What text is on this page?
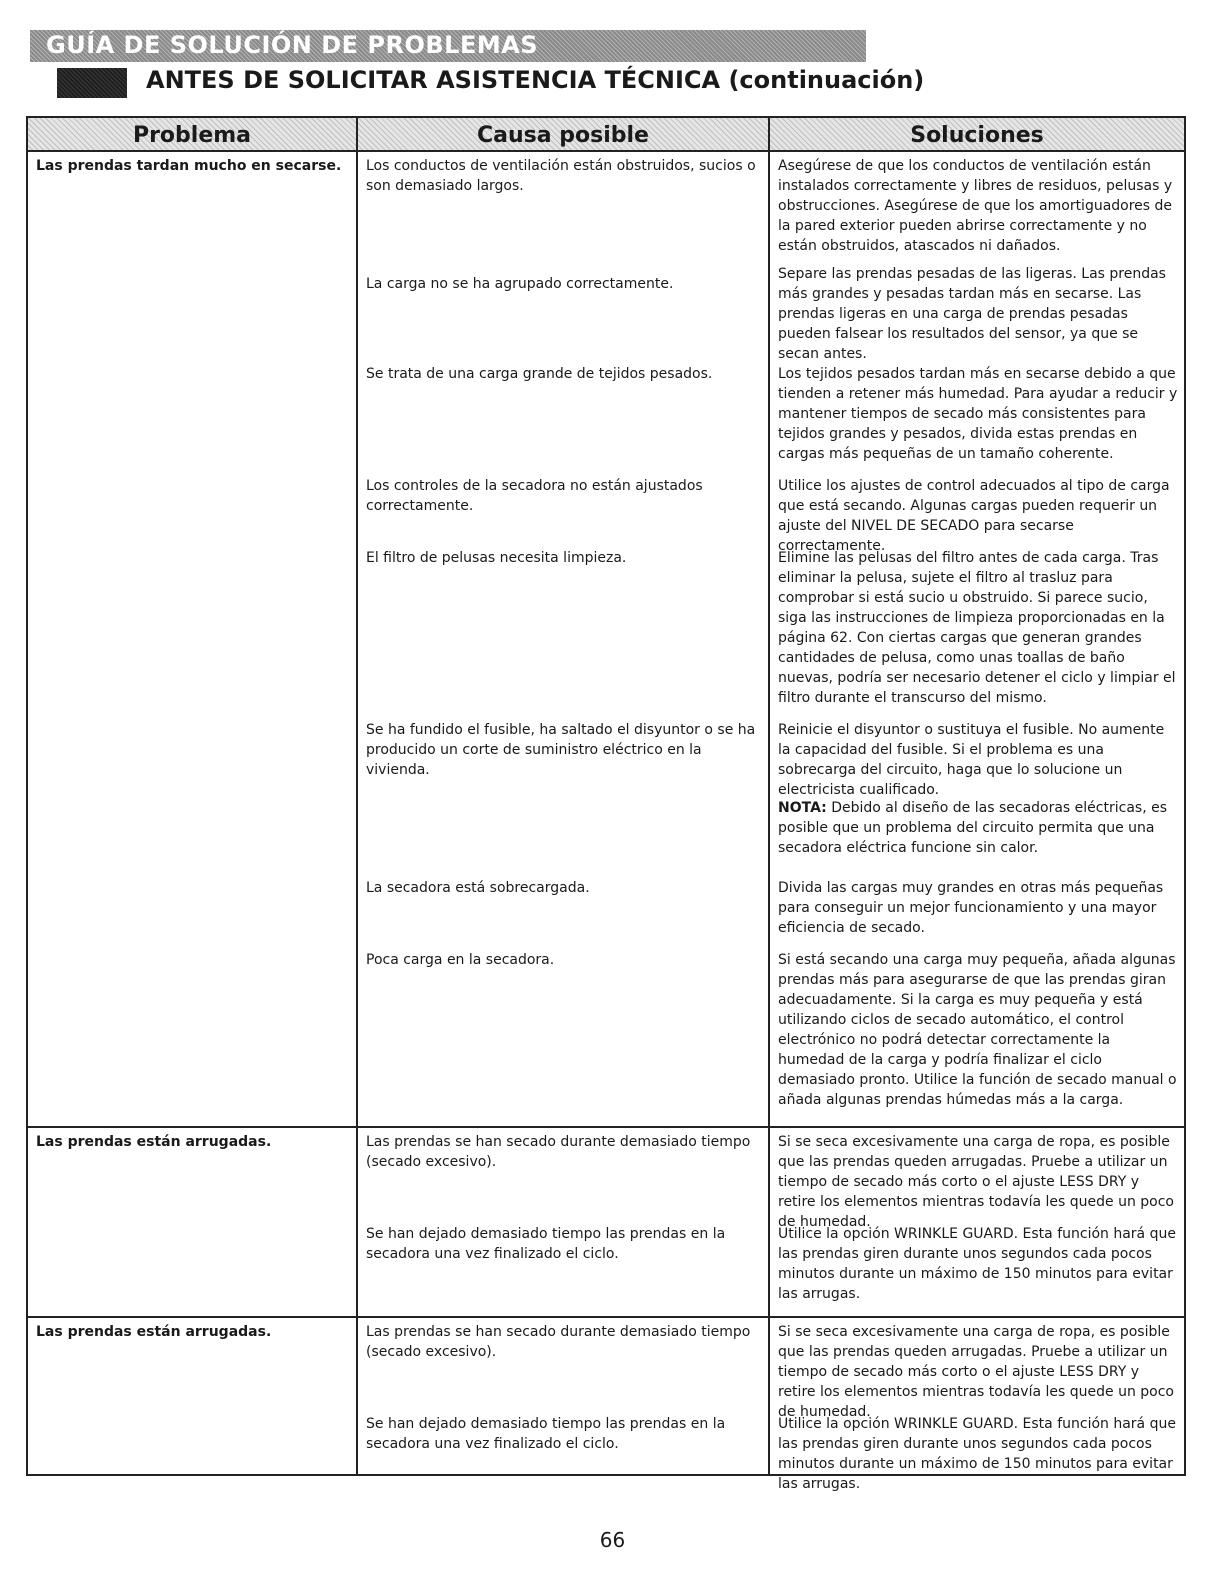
GUÍA DE SOLUCIÓN DE PROBLEMAS
ANTES DE SOLICITAR ASISTENCIA TÉCNICA (continuación)
Problema	Causa posible	Soluciones
Las prendas tardan mucho en secarse.
Las prendas están arrugadas.
Las prendas están arrugadas.
Los conductos de ventilación están obstruidos, sucios o son demasiado largos.
La carga no se ha agrupado correctamente.
Se trata de una carga grande de tejidos pesados.
Los controles de la secadora no están ajustados correctamente.
El filtro de pelusas necesita limpieza.
Se ha fundido el fusible, ha saltado el disyuntor o se ha producido un corte de suministro eléctrico en la vivienda.
La secadora está sobrecargada.
Poca carga en la secadora.
Las prendas se han secado durante demasiado tiempo (secado excesivo).
Se han dejado demasiado tiempo las prendas en la secadora una vez finalizado el ciclo.
Las prendas se han secado durante demasiado tiempo (secado excesivo).
Se han dejado demasiado tiempo las prendas en la secadora una vez finalizado el ciclo.
Asegúrese de que los conductos de ventilación están instalados correctamente y libres de residuos, pelusas y obstrucciones. Asegúrese de que los amortiguadores de la pared exterior pueden abrirse correctamente y no están obstruidos, atascados ni dañados.
Separe las prendas pesadas de las ligeras. Las prendas más grandes y pesadas tardan más en secarse. Las prendas ligeras en una carga de prendas pesadas pueden falsear los resultados del sensor, ya que se secan antes.
Los tejidos pesados tardan más en secarse debido a que tienden a retener más humedad. Para ayudar a reducir y mantener tiempos de secado más consistentes para tejidos grandes y pesados, divida estas prendas en cargas más pequeñas de un tamaño coherente.
Utilice los ajustes de control adecuados al tipo de carga que está secando. Algunas cargas pueden requerir un ajuste del NIVEL DE SECADO para secarse correctamente.
Elimine las pelusas del filtro antes de cada carga. Tras eliminar la pelusa, sujete el filtro al trasluz para comprobar si está sucio u obstruido. Si parece sucio, siga las instrucciones de limpieza proporcionadas en la página 62. Con ciertas cargas que generan grandes cantidades de pelusa, como unas toallas de baño nuevas, podría ser necesario detener el ciclo y limpiar el filtro durante el transcurso del mismo.
Reinicie el disyuntor o sustituya el fusible. No aumente la capacidad del fusible. Si el problema es una sobrecarga del circuito, haga que lo solucione un electricista cualificado.
NOTA: Debido al diseño de las secadoras eléctricas, es posible que un problema del circuito permita que una secadora eléctrica funcione sin calor.
Divida las cargas muy grandes en otras más pequeñas para conseguir un mejor funcionamiento y una mayor eficiencia de secado.
Si está secando una carga muy pequeña, añada algunas prendas más para asegurarse de que las prendas giran adecuadamente. Si la carga es muy pequeña y está utilizando ciclos de secado automático, el control electrónico no podrá detectar correctamente la humedad de la carga y podría finalizar el ciclo demasiado pronto. Utilice la función de secado manual o añada algunas prendas húmedas más a la carga.
Si se seca excesivamente una carga de ropa, es posible que las prendas queden arrugadas. Pruebe a utilizar un tiempo de secado más corto o el ajuste LESS DRY y retire los elementos mientras todavía les quede un poco de humedad.
Utilice la opción WRINKLE GUARD. Esta función hará que las prendas giren durante unos segundos cada pocos minutos durante un máximo de 150 minutos para evitar las arrugas.
Si se seca excesivamente una carga de ropa, es posible que las prendas queden arrugadas. Pruebe a utilizar un tiempo de secado más corto o el ajuste LESS DRY y retire los elementos mientras todavía les quede un poco de humedad.
Utilice la opción WRINKLE GUARD. Esta función hará que las prendas giren durante unos segundos cada pocos minutos durante un máximo de 150 minutos para evitar las arrugas.
66
